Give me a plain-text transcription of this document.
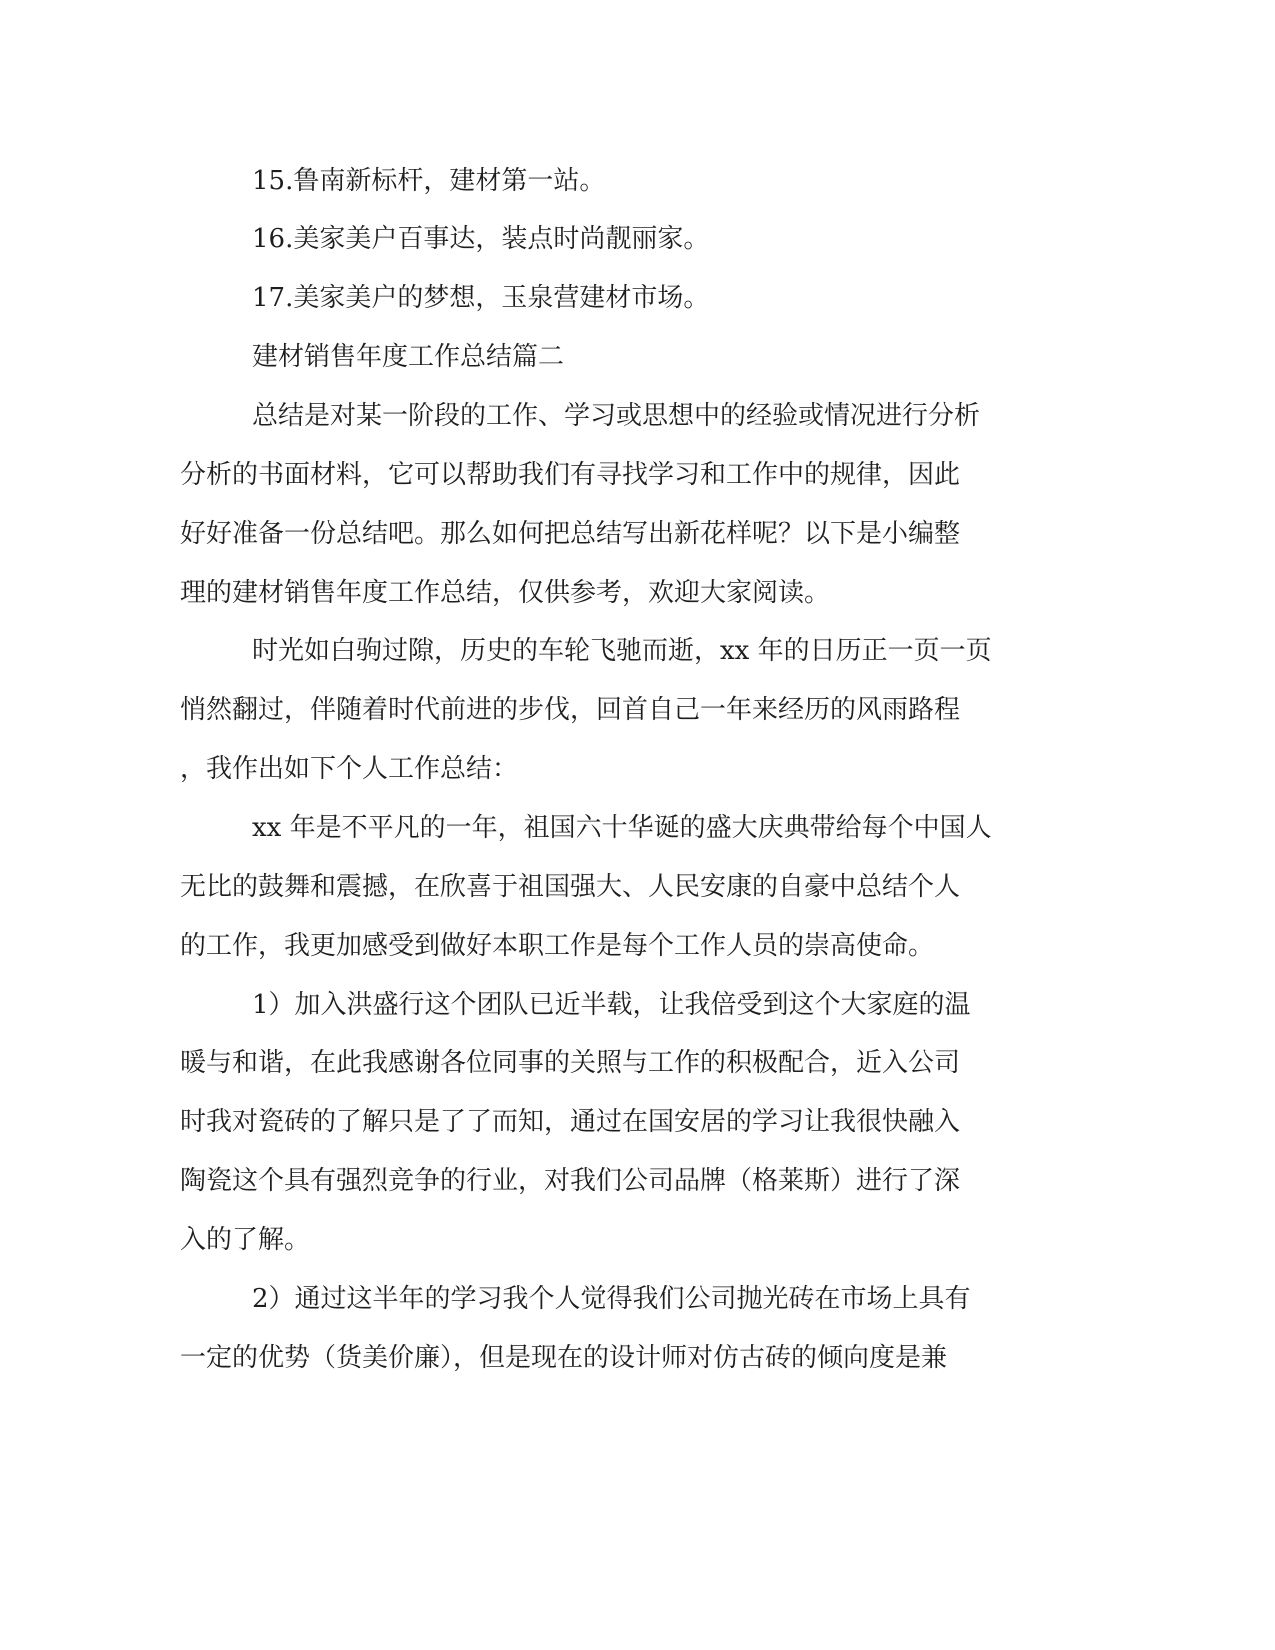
15.鲁南新标杆，建材第一站。

16.美家美户百事达，装点时尚靓丽家。

17.美家美户的梦想，玉泉营建材市场。

建材销售年度工作总结篇二

总结是对某一阶段的工作、学习或思想中的经验或情况进行分析

分析的书面材料，它可以帮助我们有寻找学习和工作中的规律，因此

好好准备一份总结吧。那么如何把总结写出新花样呢？以下是小编整

理的建材销售年度工作总结，仅供参考，欢迎大家阅读。

时光如白驹过隙，历史的车轮飞驰而逝，xx 年的日历正一页一页

悄然翻过，伴随着时代前进的步伐，回首自己一年来经历的风雨路程

，我作出如下个人工作总结：

xx 年是不平凡的一年，祖国六十华诞的盛大庆典带给每个中国人

无比的鼓舞和震撼，在欣喜于祖国强大、人民安康的自豪中总结个人

的工作，我更加感受到做好本职工作是每个工作人员的崇高使命。

1）加入洪盛行这个团队已近半载，让我倍受到这个大家庭的温

暖与和谐，在此我感谢各位同事的关照与工作的积极配合，近入公司

时我对瓷砖的了解只是了了而知，通过在国安居的学习让我很快融入

陶瓷这个具有强烈竞争的行业，对我们公司品牌（格莱斯）进行了深

入的了解。

2）通过这半年的学习我个人觉得我们公司抛光砖在市场上具有

一定的优势（货美价廉），但是现在的设计师对仿古砖的倾向度是兼
